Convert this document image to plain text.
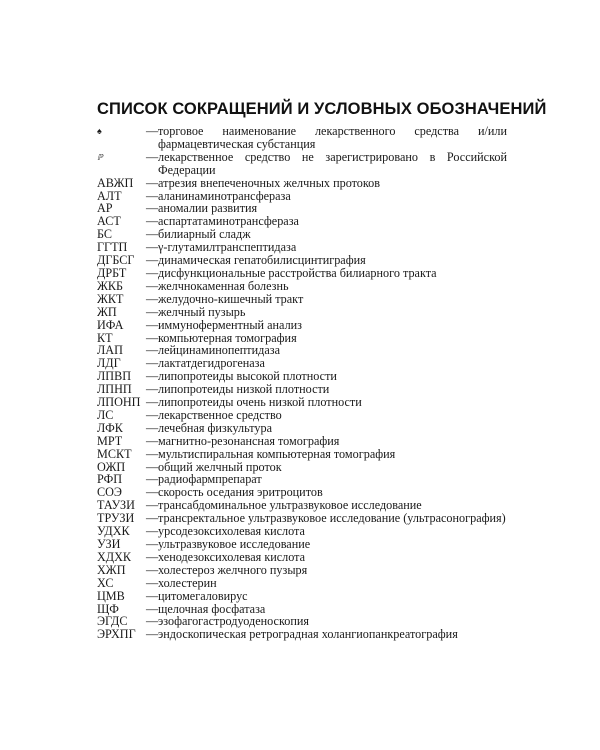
СПИСОК СОКРАЩЕНИЙ И УСЛОВНЫХ ОБОЗНАЧЕНИЙ
♠	— торговое наименование лекарственного средства и/или фармацевтическая субстанция
ℙ	— лекарственное средство не зарегистрировано в Российской Федерации
АВЖП	— атрезия внепеченочных желчных протоков
АЛТ	— аланинаминотрансфераза
АР	— аномалии развития
АСТ	— аспартатаминотрансфераза
БС	— билиарный сладж
ГГТП	— γ-глутамилтранспептидаза
ДГБСГ — динамическая гепатобилисцинтиграфия
ДРБТ	— дисфункциональные расстройства билиарного тракта
ЖКБ	— желчнокаменная болезнь
ЖКТ	— желудочно-кишечный тракт
ЖП	— желчный пузырь
ИФА	— иммуноферментный анализ
КТ	— компьютерная томография
ЛАП	— лейцинаминопептидаза
ЛДГ	— лактатдегидрогеназа
ЛПВП	— липопротеиды высокой плотности
ЛПНП	— липопротеиды низкой плотности
ЛПОНП — липопротеиды очень низкой плотности
ЛС	— лекарственное средство
ЛФК	— лечебная физкультура
МРТ	— магнитно-резонансная томография
МСКТ	— мультиспиральная компьютерная томография
ОЖП	— общий желчный проток
РФП	— радиофармпрепарат
СОЭ	— скорость оседания эритроцитов
ТАУЗИ — трансабдоминальное ультразвуковое исследование
ТРУЗИ — трансректальное ультразвуковое исследование (ультрасонография)
УДХК	— урсодезоксихолевая кислота
УЗИ	— ультразвуковое исследование
ХДХК	— хенодезоксихолевая кислота
ХЖП	— холестероз желчного пузыря
ХС	— холестерин
ЦМВ	— цитомегаловирус
ЩФ	— щелочная фосфатаза
ЭГДС	— эзофагогастродуоденоскопия
ЭРХПГ — эндоскопическая ретроградная холангиопанкреатография
